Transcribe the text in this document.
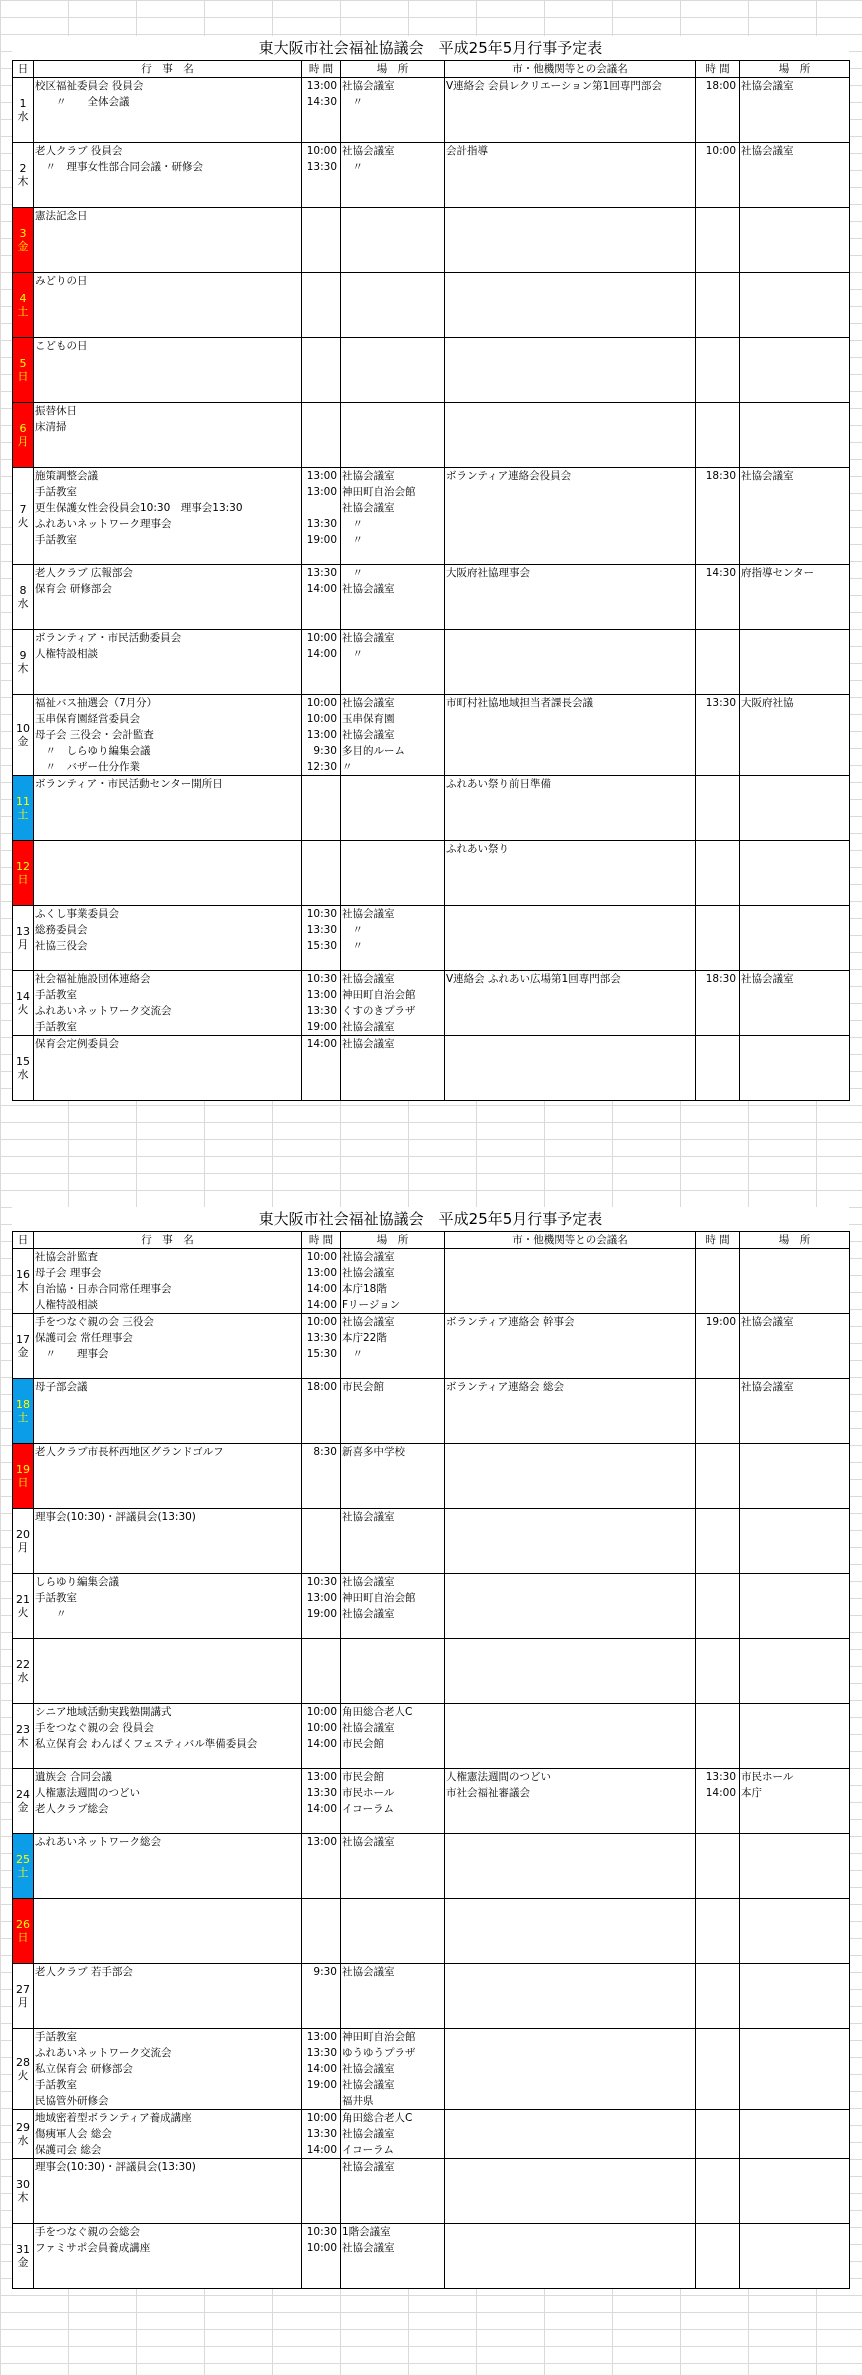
東大阪市社会福祉協議会　平成25年5月行事予定表
日	行　事　名	時 間	場　所	市・他機関等との会議名	時 間	場　所
1
水	校区福祉委員会 役員会	13:00	社協会議室	V連絡会 会員レクリエーション第1回専門部会	18:00	社協会議室
	　　〃　　全体会議	14:30	　〃			

2
木	老人クラブ 役員会	10:00	社協会議室	会計指導	10:00	社協会議室
	　〃　理事女性部合同会議・研修会	13:30	　〃			

3
金	憲法記念日					

4
土	みどりの日					

5
日	こどもの日					

6
月	振替休日					
	床清掃					

7
火	施策調整会議	13:00	社協会議室	ボランティア連絡会役員会	18:30	社協会議室
	手話教室	13:00	神田町自治会館			
	更生保護女性会役員会10:30　理事会13:30		社協会議室			
	ふれあいネットワーク理事会	13:30	　〃			
	手話教室	19:00	　〃			

8
水	老人クラブ 広報部会	13:30	　〃	大阪府社協理事会	14:30	府指導センター
	保育会 研修部会	14:00	社協会議室			

9
木	ボランティア・市民活動委員会	10:00	社協会議室			
	人権特設相談	14:00	　〃			

10
金	福祉バス抽選会（7月分）	10:00	社協会議室	市町村社協地域担当者課長会議	13:30	大阪府社協
	玉串保育園経営委員会	10:00	玉串保育園			
	母子会 三役会・会計監査	13:00	社協会議室			
	　〃　しらゆり編集会議	9:30	多目的ルーム			
	　〃　バザー仕分作業	12:30	〃			
11
土	ボランティア・市民活動センター開所日			ふれあい祭り前日準備		

12
日				ふれあい祭り		

13
月	ふくし事業委員会	10:30	社協会議室			
	総務委員会	13:30	　〃			
	社協三役会	15:30	　〃			

14
火	社会福祉施設団体連絡会	10:30	社協会議室	V連絡会 ふれあい広場第1回専門部会	18:30	社協会議室
	手話教室	13:00	神田町自治会館			
	ふれあいネットワーク交流会	13:30	くすのきプラザ			
	手話教室	19:00	社協会議室			
15
水	保育会定例委員会	14:00	社協会議室			

東大阪市社会福祉協議会　平成25年5月行事予定表
日	行　事　名	時 間	場　所	市・他機関等との会議名	時 間	場　所
16
木	社協会計監査	10:00	社協会議室			
	母子会 理事会	13:00	社協会議室			
	自治協・日赤合同常任理事会	14:00	本庁18階			
	人権特設相談	14:00	Fリージョン			
17
金	手をつなぐ親の会 三役会	10:00	社協会議室	ボランティア連絡会 幹事会	19:00	社協会議室
	保護司会 常任理事会	13:30	本庁22階			
	　〃　　理事会	15:30	　〃			

18
土	母子部会議	18:00	市民会館	ボランティア連絡会 総会		社協会議室

19
日	老人クラブ市長杯西地区グランドゴルフ	8:30	新喜多中学校			

20
月	理事会(10:30)・評議員会(13:30)		社協会議室			

21
火	しらゆり編集会議	10:30	社協会議室			
	手話教室	13:00	神田町自治会館			
	　　〃	19:00	社協会議室			

22
水						

23
木	シニア地域活動実践塾開講式	10:00	角田総合老人C			
	手をつなぐ親の会 役員会	10:00	社協会議室			
	私立保育会 わんぱくフェスティバル準備委員会	14:00	市民会館			

24
金	遺族会 合同会議	13:00	市民会館	人権憲法週間のつどい	13:30	市民ホール
	人権憲法週間のつどい	13:30	市民ホール	市社会福祉審議会	14:00	本庁
	老人クラブ総会	14:00	イコーラム			

25
土	ふれあいネットワーク総会	13:00	社協会議室			

26
日						

27
月	老人クラブ 若手部会	9:30	社協会議室			

28
火	手話教室	13:00	神田町自治会館			
	ふれあいネットワーク交流会	13:30	ゆうゆうプラザ			
	私立保育会 研修部会	14:00	社協会議室			
	手話教室	19:00	社協会議室			
	民協管外研修会		福井県			
29
水	地域密着型ボランティア養成講座	10:00	角田総合老人C			
	傷痍軍人会 総会	13:30	社協会議室			
	保護司会 総会	14:00	イコーラム			
30
木	理事会(10:30)・評議員会(13:30)		社協会議室			

31
金	手をつなぐ親の会総会	10:30	1階会議室			
	ファミサポ会員養成講座	10:00	社協会議室			
